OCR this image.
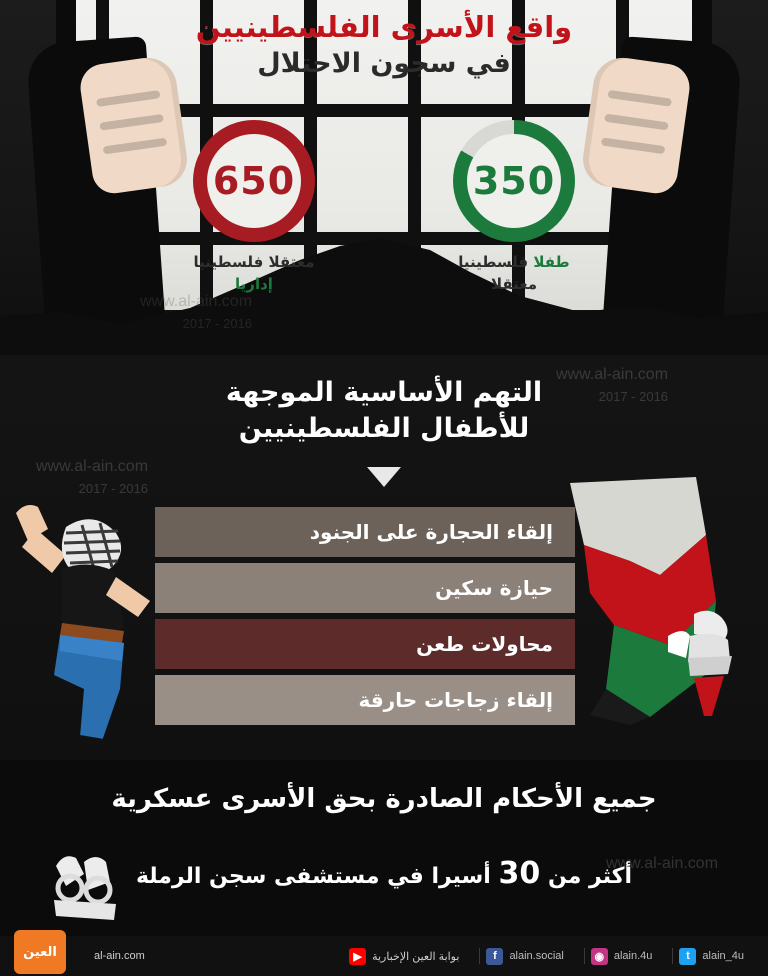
واقع الأسرى الفلسطينيين
في سجون الاحتلال
350
طفلا فلسطينيا
معتقلا
650
معتقلا فلسطينيا
إداريا
www.al-ain.com
2016 - 2017
التهم الأساسية الموجهة
للأطفال الفلسطينيين
إلقاء الحجارة على الجنود
حيازة سكين
محاولات طعن
إلقاء زجاجات حارقة
جميع الأحكام الصادرة بحق الأسرى عسكرية
أكثر من 30 أسيرا في مستشفى سجن الرملة
www.al-ain.com
t	alain_4u
◉ alain.4u
f	alain.social
▶ بوابة العين الإخبارية
al-ain.com
العين
